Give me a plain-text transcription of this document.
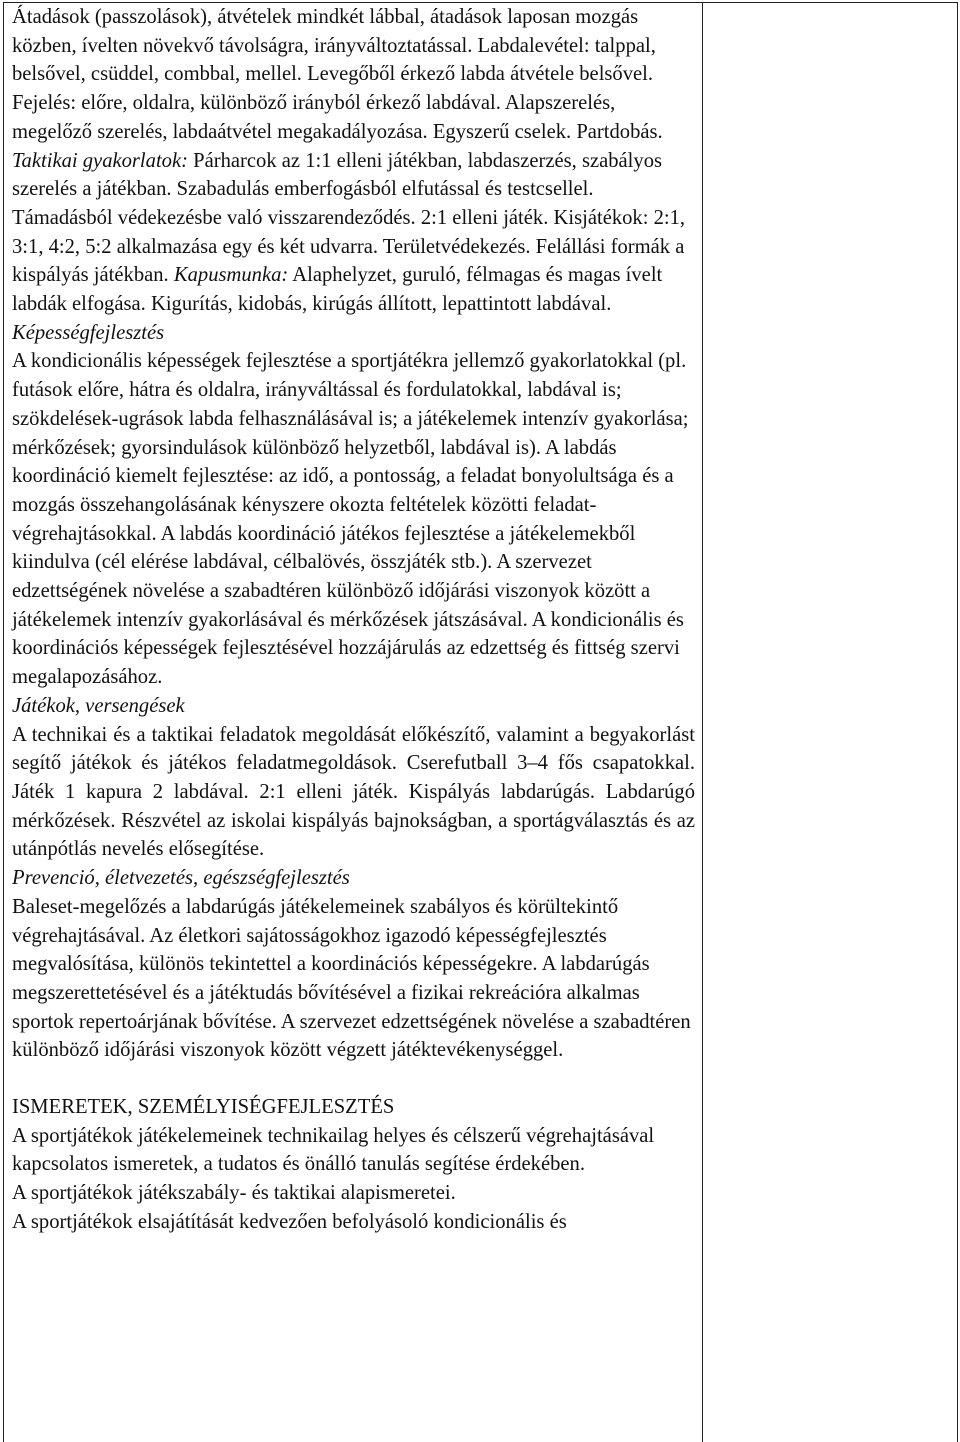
Átadások (passzolások), átvételek mindkét lábbal, átadások laposan mozgás közben, ívelten növekvő távolságra, irányváltoztatással. Labdalevétel: talppal, belsővel, csüddel, combbal, mellel. Levegőből érkező labda átvétele belsővel. Fejelés: előre, oldalra, különböző irányból érkező labdával. Alapszerelés, megelőző szerelés, labdaátvétel megakadályozása. Egyszerű cselek. Partdobás. Taktikai gyakorlatok: Párharcok az 1:1 elleni játékban, labdaszerzés, szabályos szerelés a játékban. Szabadulás emberfogásból elfutással és testcsellel. Támadásból védekezésbe való visszarendeződés. 2:1 elleni játék. Kisjátékok: 2:1, 3:1, 4:2, 5:2 alkalmazása egy és két udvarra. Területvédekezés. Felállási formák a kispályás játékban. Kapusmunka: Alaphelyzet, guruló, félmagas és magas ívelt labdák elfogása. Kigurítás, kidobás, kirúgás állított, lepattintott labdával.

Képességfejlesztés

A kondicionális képességek fejlesztése a sportjátékra jellemző gyakorlatokkal (pl. futások előre, hátra és oldalra, irányváltással és fordulatokkal, labdával is; szökdelések-ugrások labda felhasználásával is; a játékelemek intenzív gyakorlása; mérkőzések; gyorsindulások különböző helyzetből, labdával is). A labdás koordináció kiemelt fejlesztése: az idő, a pontosság, a feladat bonyolultsága és a mozgás összehangolásának kényszere okozta feltételek közötti feladat-végrehajtásokkal. A labdás koordináció játékos fejlesztése a játékelemekből kiindulva (cél elérése labdával, célbalövés, összjáték stb.). A szervezet edzettségének növelése a szabadtéren különböző időjárási viszonyok között a játékelemek intenzív gyakorlásával és mérkőzések játszásával. A kondicionális és koordinációs képességek fejlesztésével hozzájárulás az edzettség és fittség szervi megalapozásához.

Játékok, versengések

A technikai és a taktikai feladatok megoldását előkészítő, valamint a begyakorlást segítő játékok és játékos feladatmegoldások. Cserefutball 3–4 fős csapatokkal. Játék 1 kapura 2 labdával. 2:1 elleni játék. Kispályás labdarúgás. Labdarúgó mérkőzések. Részvétel az iskolai kispályás bajnokságban, a sportágválasztás és az utánpótlás nevelés elősegítése.

Prevenció, életvezetés, egészségfejlesztés

Baleset-megelőzés a labdarúgás játékelemeinek szabályos és körültekintő végrehajtásával. Az életkori sajátosságokhoz igazodó képességfejlesztés megvalósítása, különös tekintettel a koordinációs képességekre. A labdarúgás megszerettetésével és a játéktudás bővítésével a fizikai rekreációra alkalmas sportok repertoárjának bővítése. A szervezet edzettségének növelése a szabadtéren különböző időjárási viszonyok között végzett játéktevékenységgel.

ISMERETEK, SZEMÉLYISÉGFEJLESZTÉS

A sportjátékok játékelemeinek technikailag helyes és célszerű végrehajtásával kapcsolatos ismeretek, a tudatos és önálló tanulás segítése érdekében.

A sportjátékok játékszabály- és taktikai alapismeretei.

A sportjátékok elsajátítását kedvezően befolyásoló kondicionális és
